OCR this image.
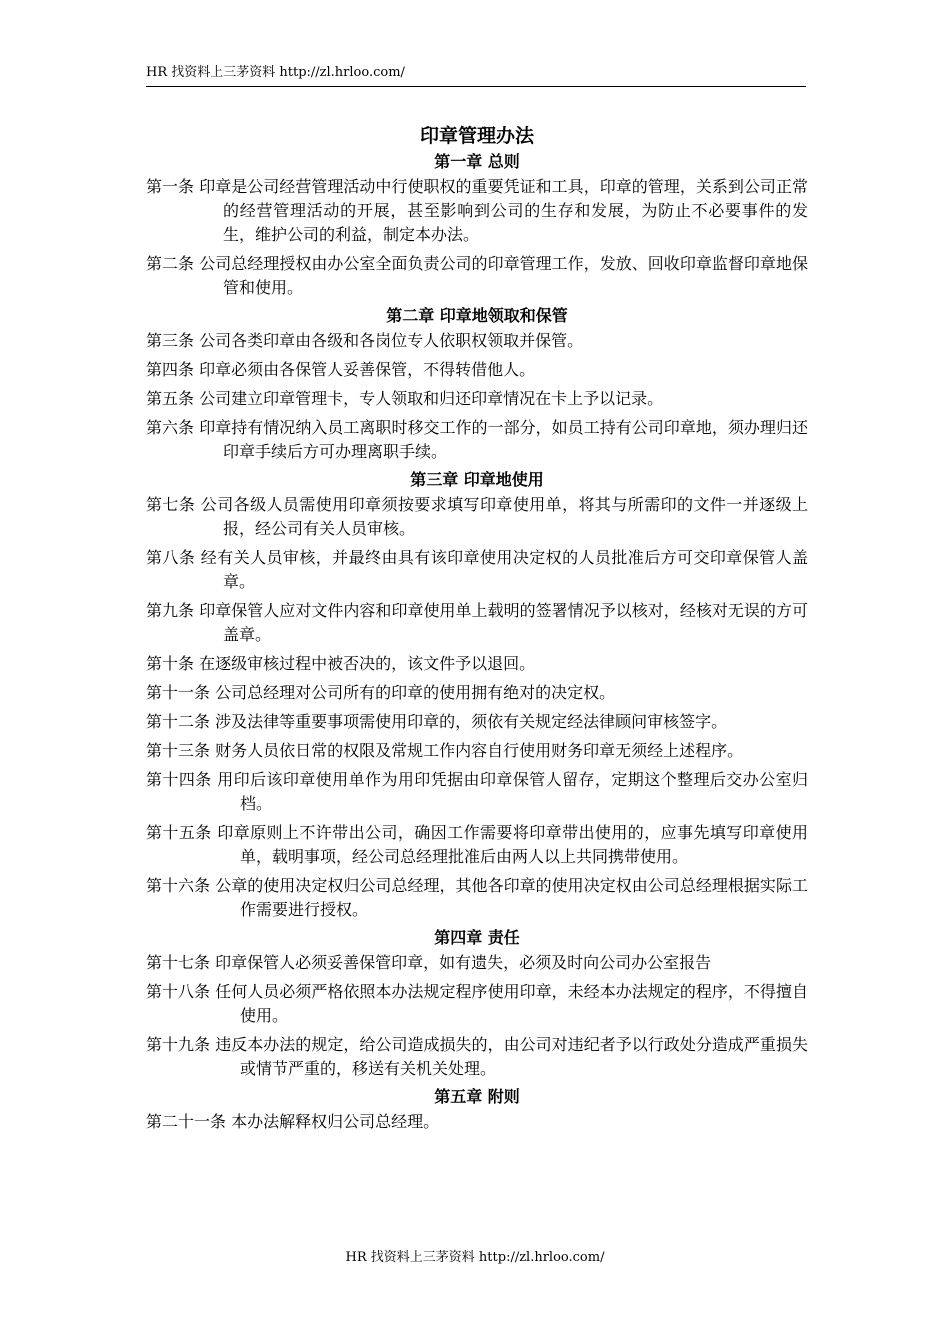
HR 找资料上三茅资料 http://zl.hrloo.com/
印章管理办法
第一章 总则
第一条 印章是公司经营管理活动中行使职权的重要凭证和工具，印章的管理，关系到公司正常的经营管理活动的开展，甚至影响到公司的生存和发展，为防止不必要事件的发生，维护公司的利益，制定本办法。
第二条 公司总经理授权由办公室全面负责公司的印章管理工作，发放、回收印章监督印章地保管和使用。
第二章 印章地领取和保管
第三条 公司各类印章由各级和各岗位专人依职权领取并保管。
第四条 印章必须由各保管人妥善保管，不得转借他人。
第五条 公司建立印章管理卡，专人领取和归还印章情况在卡上予以记录。
第六条 印章持有情况纳入员工离职时移交工作的一部分，如员工持有公司印章地，须办理归还印章手续后方可办理离职手续。
第三章 印章地使用
第七条 公司各级人员需使用印章须按要求填写印章使用单，将其与所需印的文件一并逐级上报，经公司有关人员审核。
第八条 经有关人员审核，并最终由具有该印章使用决定权的人员批准后方可交印章保管人盖章。
第九条 印章保管人应对文件内容和印章使用单上载明的签署情况予以核对，经核对无误的方可盖章。
第十条 在逐级审核过程中被否决的，该文件予以退回。
第十一条 公司总经理对公司所有的印章的使用拥有绝对的决定权。
第十二条 涉及法律等重要事项需使用印章的，须依有关规定经法律顾问审核签字。
第十三条 财务人员依日常的权限及常规工作内容自行使用财务印章无须经上述程序。
第十四条 用印后该印章使用单作为用印凭据由印章保管人留存，定期这个整理后交办公室归档。
第十五条 印章原则上不许带出公司，确因工作需要将印章带出使用的，应事先填写印章使用单，载明事项，经公司总经理批准后由两人以上共同携带使用。
第十六条 公章的使用决定权归公司总经理，其他各印章的使用决定权由公司总经理根据实际工作需要进行授权。
第四章 责任
第十七条 印章保管人必须妥善保管印章，如有遗失，必须及时向公司办公室报告
第十八条 任何人员必须严格依照本办法规定程序使用印章，未经本办法规定的程序，不得擅自使用。
第十九条 违反本办法的规定，给公司造成损失的，由公司对违纪者予以行政处分造成严重损失或情节严重的，移送有关机关处理。
第五章 附则
第二十一条 本办法解释权归公司总经理。
HR 找资料上三茅资料 http://zl.hrloo.com/
